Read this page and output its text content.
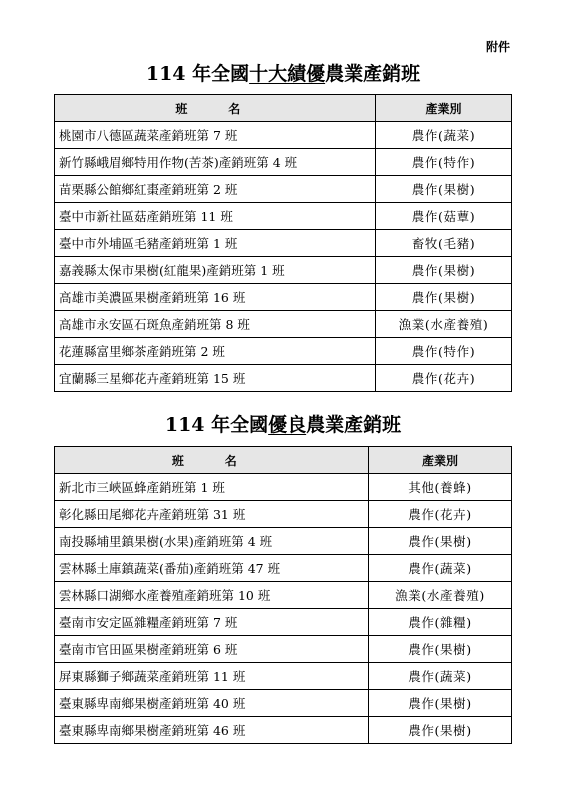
附件
114 年全國十大績優農業產銷班
班　名	產業別
桃園市八德區蔬菜產銷班第 7 班	農作(蔬菜)
新竹縣峨眉鄉特用作物(苦茶)產銷班第 4 班	農作(特作)
苗栗縣公館鄉紅棗產銷班第 2 班	農作(果樹)
臺中市新社區菇產銷班第 11 班	農作(菇蕈)
臺中市外埔區毛豬產銷班第 1 班	畜牧(毛豬)
嘉義縣太保市果樹(紅龍果)產銷班第 1 班	農作(果樹)
高雄市美濃區果樹產銷班第 16 班	農作(果樹)
高雄市永安區石斑魚產銷班第 8 班	漁業(水產養殖)
花蓮縣富里鄉茶產銷班第 2 班	農作(特作)
宜蘭縣三星鄉花卉產銷班第 15 班	農作(花卉)
114 年全國優良農業產銷班
班　名	產業別
新北市三峽區蜂產銷班第 1 班	其他(養蜂)
彰化縣田尾鄉花卉產銷班第 31 班	農作(花卉)
南投縣埔里鎮果樹(水果)產銷班第 4 班	農作(果樹)
雲林縣土庫鎮蔬菜(番茄)產銷班第 47 班	農作(蔬菜)
雲林縣口湖鄉水產養殖產銷班第 10 班	漁業(水產養殖)
臺南市安定區雜糧產銷班第 7 班	農作(雜糧)
臺南市官田區果樹產銷班第 6 班	農作(果樹)
屏東縣獅子鄉蔬菜產銷班第 11 班	農作(蔬菜)
臺東縣卑南鄉果樹產銷班第 40 班	農作(果樹)
臺東縣卑南鄉果樹產銷班第 46 班	農作(果樹)
